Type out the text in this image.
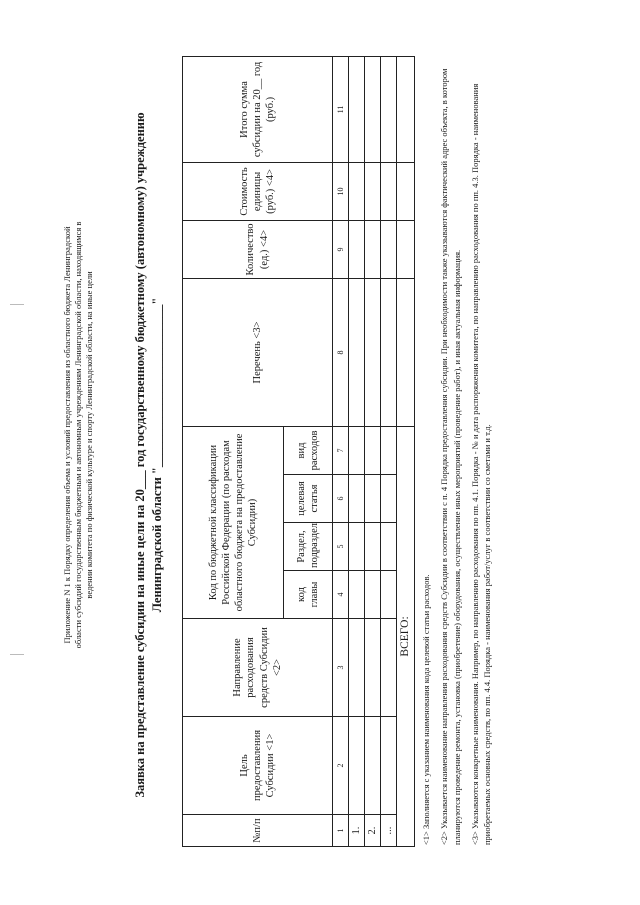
Приложение N 1 к Порядку определения объема и условий предоставления из областного бюджета Ленинградской области субсидий государственным бюджетным и автономным учреждениям Ленинградской области, находящимся в ведении комитета по физической культуре и спорту Ленинградской области, на иные цели	Заявка на представление субсидии на иные цели на 20___ год государственному бюджетному (автономному) учреждению Ленинградской области "__________________________"
№п/п	Цель предоставления Субсидии <1>	Направление расходования средств Субсидии <2>	Код по бюджетной классификации Российской Федерации (по расходам областного бюджета на предоставление Субсидии)				Перечень <3>	Количество (ед.) <4>	Стоимость единицы (руб.) <4>	Итого сумма субсидии на 20__ год (руб.)
			код главы	Раздел, подраздел	целевая статья	вид расходов				
1	2	3	4	5	6	7	8	9	10	11
1.										
2.										
...										
ВСЕГО:										<1> Заполняется с указанием наименования кода целевой статьи расходов. <2> Указывается наименование направления расходования средств Субсидии в соответствии с п. 4 Порядка предоставления субсидии. При необходимости также указываются фактический адрес объекта, в котором планируются проведение ремонта, установка (приобретение) оборудования, осуществление иных мероприятий (проведение работ), и иная актуальная информация. <3> Указываются конкретные наименования. Например, по направлению расходования по пп. 4.1. Порядка - № и дата распоряжения комитета, по направлению расходования по пп. 4.3. Порядка - наименования приобретаемых основных средств, по пп. 4.4. Порядка - наименования работ/услуг в соответствии со сметами и т.д.
